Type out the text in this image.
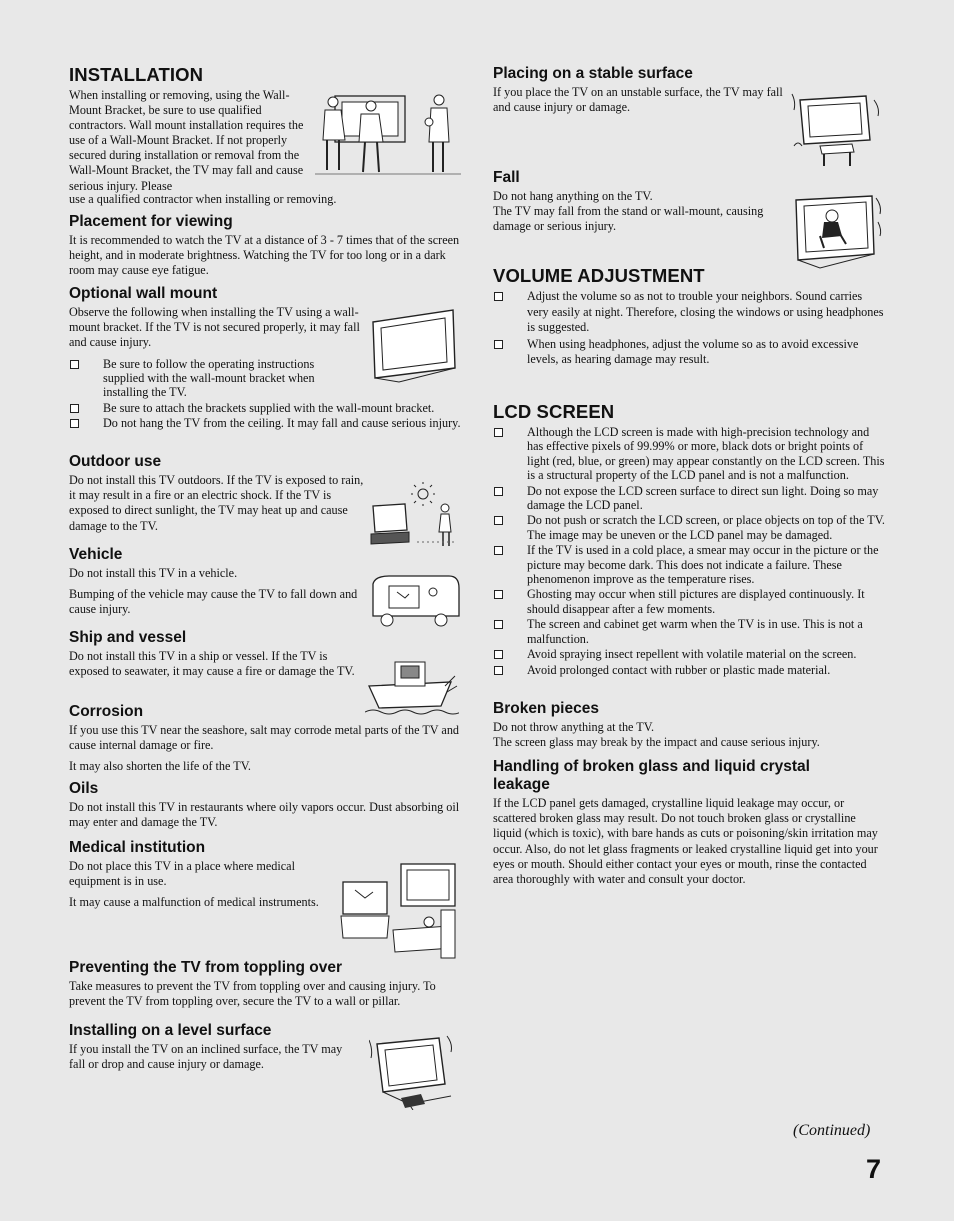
INSTALLATION

When installing or removing, using the Wall-Mount Bracket, be sure to use qualified contractors. Wall mount installation requires the use of a Wall-Mount Bracket. If not properly secured during installation or removal from the Wall-Mount Bracket, the TV may fall and cause serious injury. Please

use a qualified contractor when installing or removing.

Placement for viewing

It is recommended to watch the TV at a distance of 3 - 7 times that of the screen height, and in moderate brightness. Watching the TV for too long or in a dark room may cause eye fatigue.

Optional wall mount

Observe the following when installing the TV using a wall-mount bracket. If the TV is not secured properly, it may fall and cause injury.

Be sure to follow the operating instructions supplied with the wall-mount bracket when installing the TV.
Be sure to attach the brackets supplied with the wall-mount bracket.
Do not hang the TV from the ceiling. It may fall and cause serious injury.
Outdoor use

Do not install this TV outdoors. If the TV is exposed to rain, it may result in a fire or an electric shock. If the TV is exposed to direct sunlight, the TV may heat up and cause damage to the TV.

Vehicle

Do not install this TV in a vehicle.

Bumping of the vehicle may cause the TV to fall down and cause injury.

Ship and vessel

Do not install this TV in a ship or vessel. If the TV is exposed to seawater, it may cause a fire or damage the TV.

Corrosion

If you use this TV near the seashore, salt may corrode metal parts of the TV and cause internal damage or fire.

It may also shorten the life of the TV.

Oils

Do not install this TV in restaurants where oily vapors occur. Dust absorbing oil may enter and damage the TV.

Medical institution

Do not place this TV in a place where medical equipment is in use.

It may cause a malfunction of medical instruments.

Preventing the TV from toppling over

Take measures to prevent the TV from toppling over and causing injury. To prevent the TV from toppling over, secure the TV to a wall or pillar.

Installing on a level surface

If you install the TV on an inclined surface, the TV may fall or drop and cause injury or damage.

Placing on a stable surface

If you place the TV on an unstable surface, the TV may fall and cause injury or damage.

Fall

Do not hang anything on the TV.

The TV may fall from the stand or wall-mount, causing damage or serious injury.

VOLUME ADJUSTMENT
Adjust the volume so as not to trouble your neighbors. Sound carries very easily at night. Therefore, closing the windows or using headphones is suggested.
When using headphones, adjust the volume so as to avoid excessive levels, as hearing damage may result.
LCD SCREEN
Although the LCD screen is made with high-precision technology and has effective pixels of 99.99% or more, black dots or bright points of light (red, blue, or green) may appear constantly on the LCD screen. This is a structural property of the LCD panel and is not a malfunction.
Do not expose the LCD screen surface to direct sun light. Doing so may damage the LCD panel.
Do not push or scratch the LCD screen, or place objects on top of the TV. The image may be uneven or the LCD panel may be damaged.
If the TV is used in a cold place, a smear may occur in the picture or the picture may become dark. This does not indicate a failure. These phenomenon improve as the temperature rises.
Ghosting may occur when still pictures are displayed continuously. It should disappear after a few moments.
The screen and cabinet get warm when the TV is in use. This is not a malfunction.
Avoid spraying insect repellent with volatile material on the screen.
Avoid prolonged contact with rubber or plastic made material.
Broken pieces

Do not throw anything at the TV.

The screen glass may break by the impact and cause serious injury.

Handling of broken glass and liquid crystal leakage

If the LCD panel gets damaged, crystalline liquid leakage may occur, or scattered broken glass may result. Do not touch broken glass or crystalline liquid (which is toxic), with bare hands as cuts or poisoning/skin irritation may occur. Also, do not let glass fragments or leaked crystalline liquid get into your eyes or mouth. Should either contact your eyes or mouth, rinse the contacted area thoroughly with water and consult your doctor.

(Continued)
7
